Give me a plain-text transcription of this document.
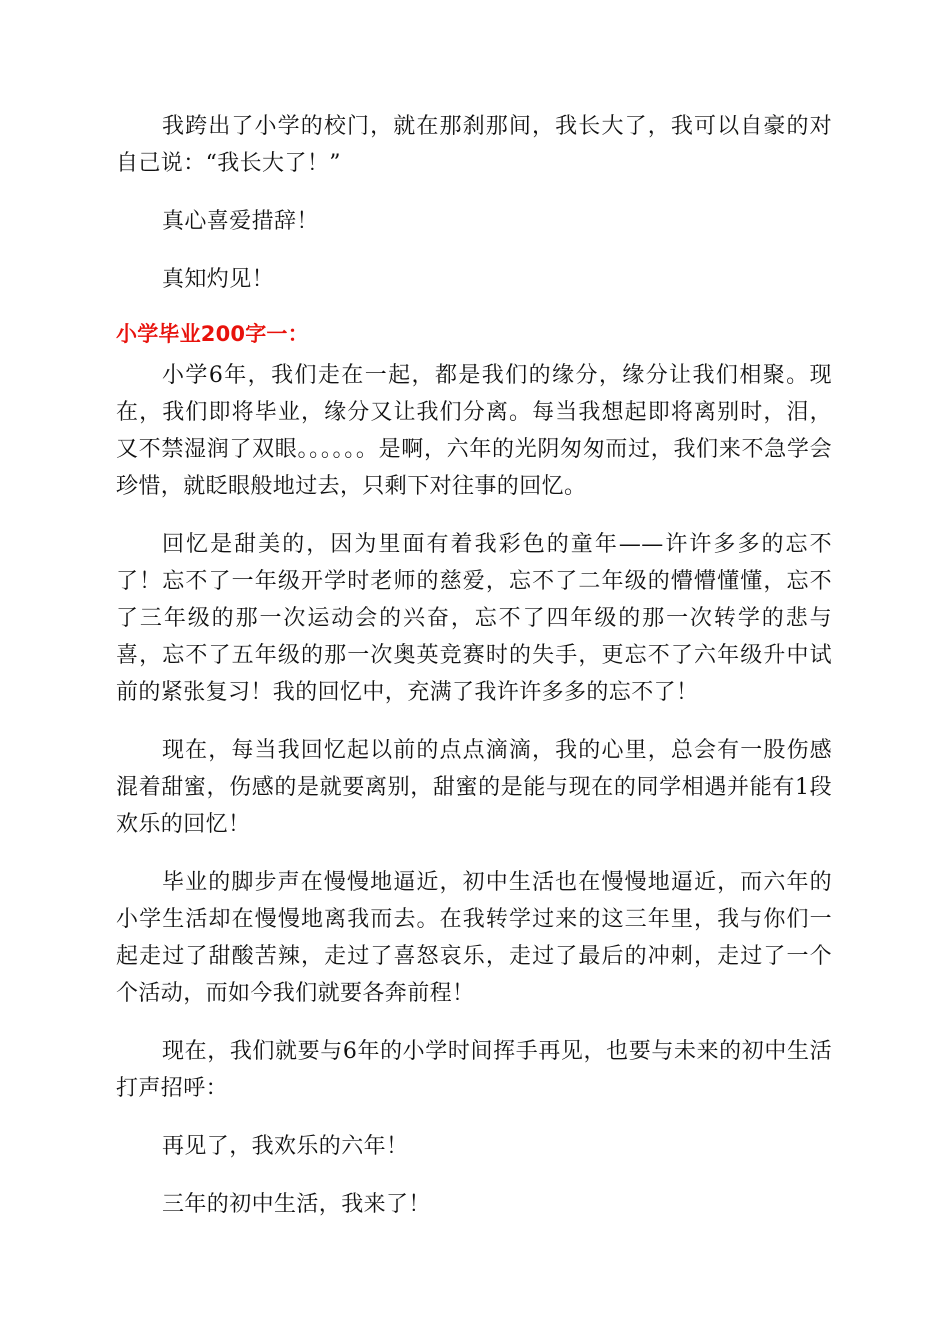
我跨出了小学的校门，就在那刹那间，我长大了，我可以自豪的对自己说：“我长大了！”

真心喜爱措辞！

真知灼见！

小学毕业200字一：

小学6年，我们走在一起，都是我们的缘分，缘分让我们相聚。现在，我们即将毕业，缘分又让我们分离。每当我想起即将离别时，泪，又不禁湿润了双眼。。。。。。是啊，六年的光阴匆匆而过，我们来不急学会珍惜，就眨眼般地过去，只剩下对往事的回忆。

回忆是甜美的，因为里面有着我彩色的童年——许许多多的忘不了！忘不了一年级开学时老师的慈爱，忘不了二年级的懵懵懂懂，忘不了三年级的那一次运动会的兴奋，忘不了四年级的那一次转学的悲与喜，忘不了五年级的那一次奥英竞赛时的失手，更忘不了六年级升中试前的紧张复习！我的回忆中，充满了我许许多多的忘不了！

现在，每当我回忆起以前的点点滴滴，我的心里，总会有一股伤感混着甜蜜，伤感的是就要离别，甜蜜的是能与现在的同学相遇并能有1段欢乐的回忆！

毕业的脚步声在慢慢地逼近，初中生活也在慢慢地逼近，而六年的小学生活却在慢慢地离我而去。在我转学过来的这三年里，我与你们一起走过了甜酸苦辣，走过了喜怒哀乐，走过了最后的冲刺，走过了一个个活动，而如今我们就要各奔前程！

现在，我们就要与6年的小学时间挥手再见，也要与未来的初中生活打声招呼：

再见了，我欢乐的六年！

三年的初中生活，我来了！
